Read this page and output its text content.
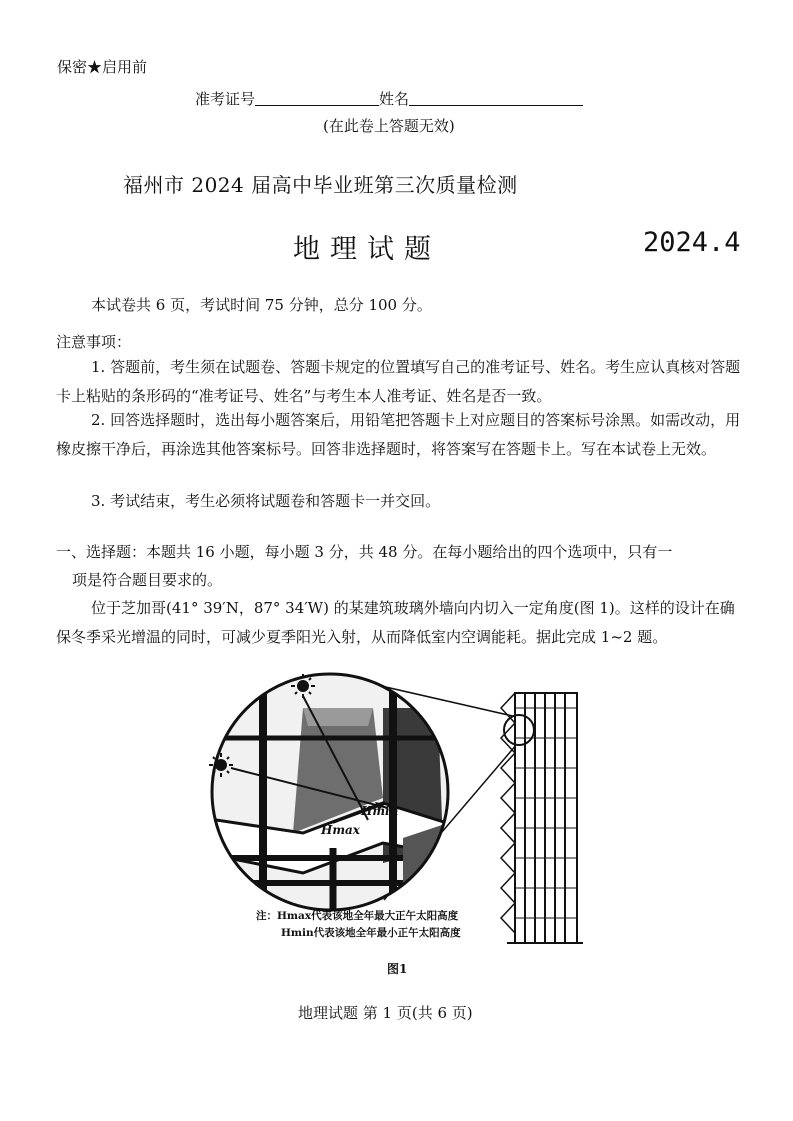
保密★启用前
准考证号	姓名
(在此卷上答题无效)
福州市 2024 届高中毕业班第三次质量检测
地理试题	2024.4
本试卷共 6 页，考试时间 75 分钟，总分 100 分。
注意事项：
1. 答题前，考生须在试题卷、答题卡规定的位置填写自己的准考证号、姓名。考生应认真核对答题卡上粘贴的条形码的“准考证号、姓名”与考生本人准考证、姓名是否一致。
2. 回答选择题时，选出每小题答案后，用铅笔把答题卡上对应题目的答案标号涂黑。如需改动，用橡皮擦干净后，再涂选其他答案标号。回答非选择题时，将答案写在答题卡上。写在本试卷上无效。
3. 考试结束，考生必须将试题卷和答题卡一并交回。
一、选择题：本题共 16 小题，每小题 3 分，共 48 分。在每小题给出的四个选项中，只有一
项是符合题目要求的。
位于芝加哥(41° 39′N，87° 34′W) 的某建筑玻璃外墙向内切入一定角度(图 1)。这样的设计在确保冬季采光增温的同时，可减少夏季阳光入射，从而降低室内空调能耗。据此完成 1~2 题。
Hmax
Hmin
注：Hmax代表该地全年最大正午太阳高度
Hmin代表该地全年最小正午太阳高度
图1
地理试题 第 1 页(共 6 页)
